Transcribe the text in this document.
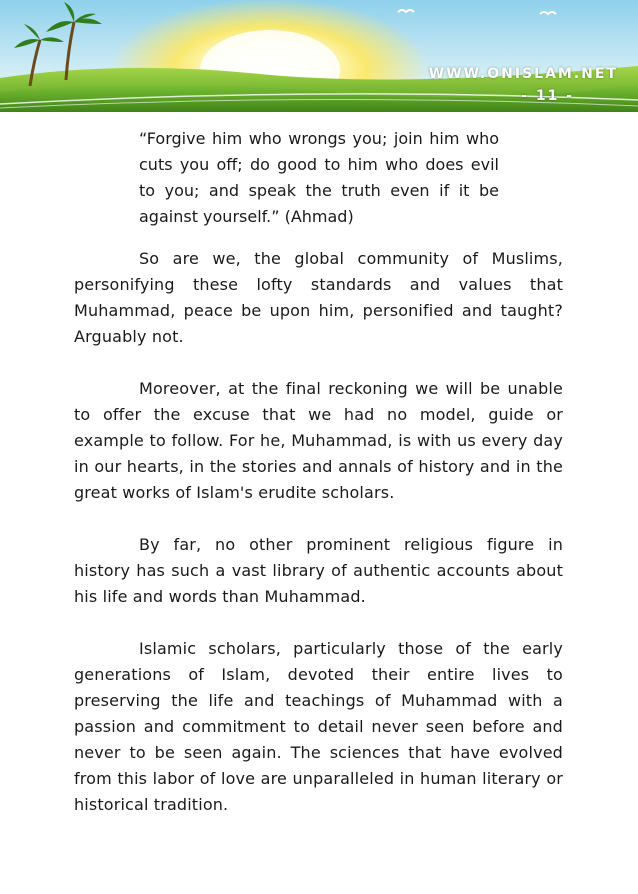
WWW.ONISLAM.NET
- 11 -

“Forgive him who wrongs you; join him who cuts you off; do good to him who does evil to you; and speak the truth even if it be against yourself.” (Ahmad)

So are we, the global community of Muslims, personifying these lofty standards and values that Muhammad, peace be upon him, personified and taught? Arguably not.

Moreover, at the final reckoning we will be unable to offer the excuse that we had no model, guide or example to follow. For he, Muhammad, is with us every day in our hearts, in the stories and annals of history and in the great works of Islam's erudite scholars.

By far, no other prominent religious figure in history has such a vast library of authentic accounts about his life and words than Muhammad.

Islamic scholars, particularly those of the early generations of Islam, devoted their entire lives to preserving the life and teachings of Muhammad with a passion and commitment to detail never seen before and never to be seen again. The sciences that have evolved from this labor of love are unparalleled in human literary or historical tradition.
